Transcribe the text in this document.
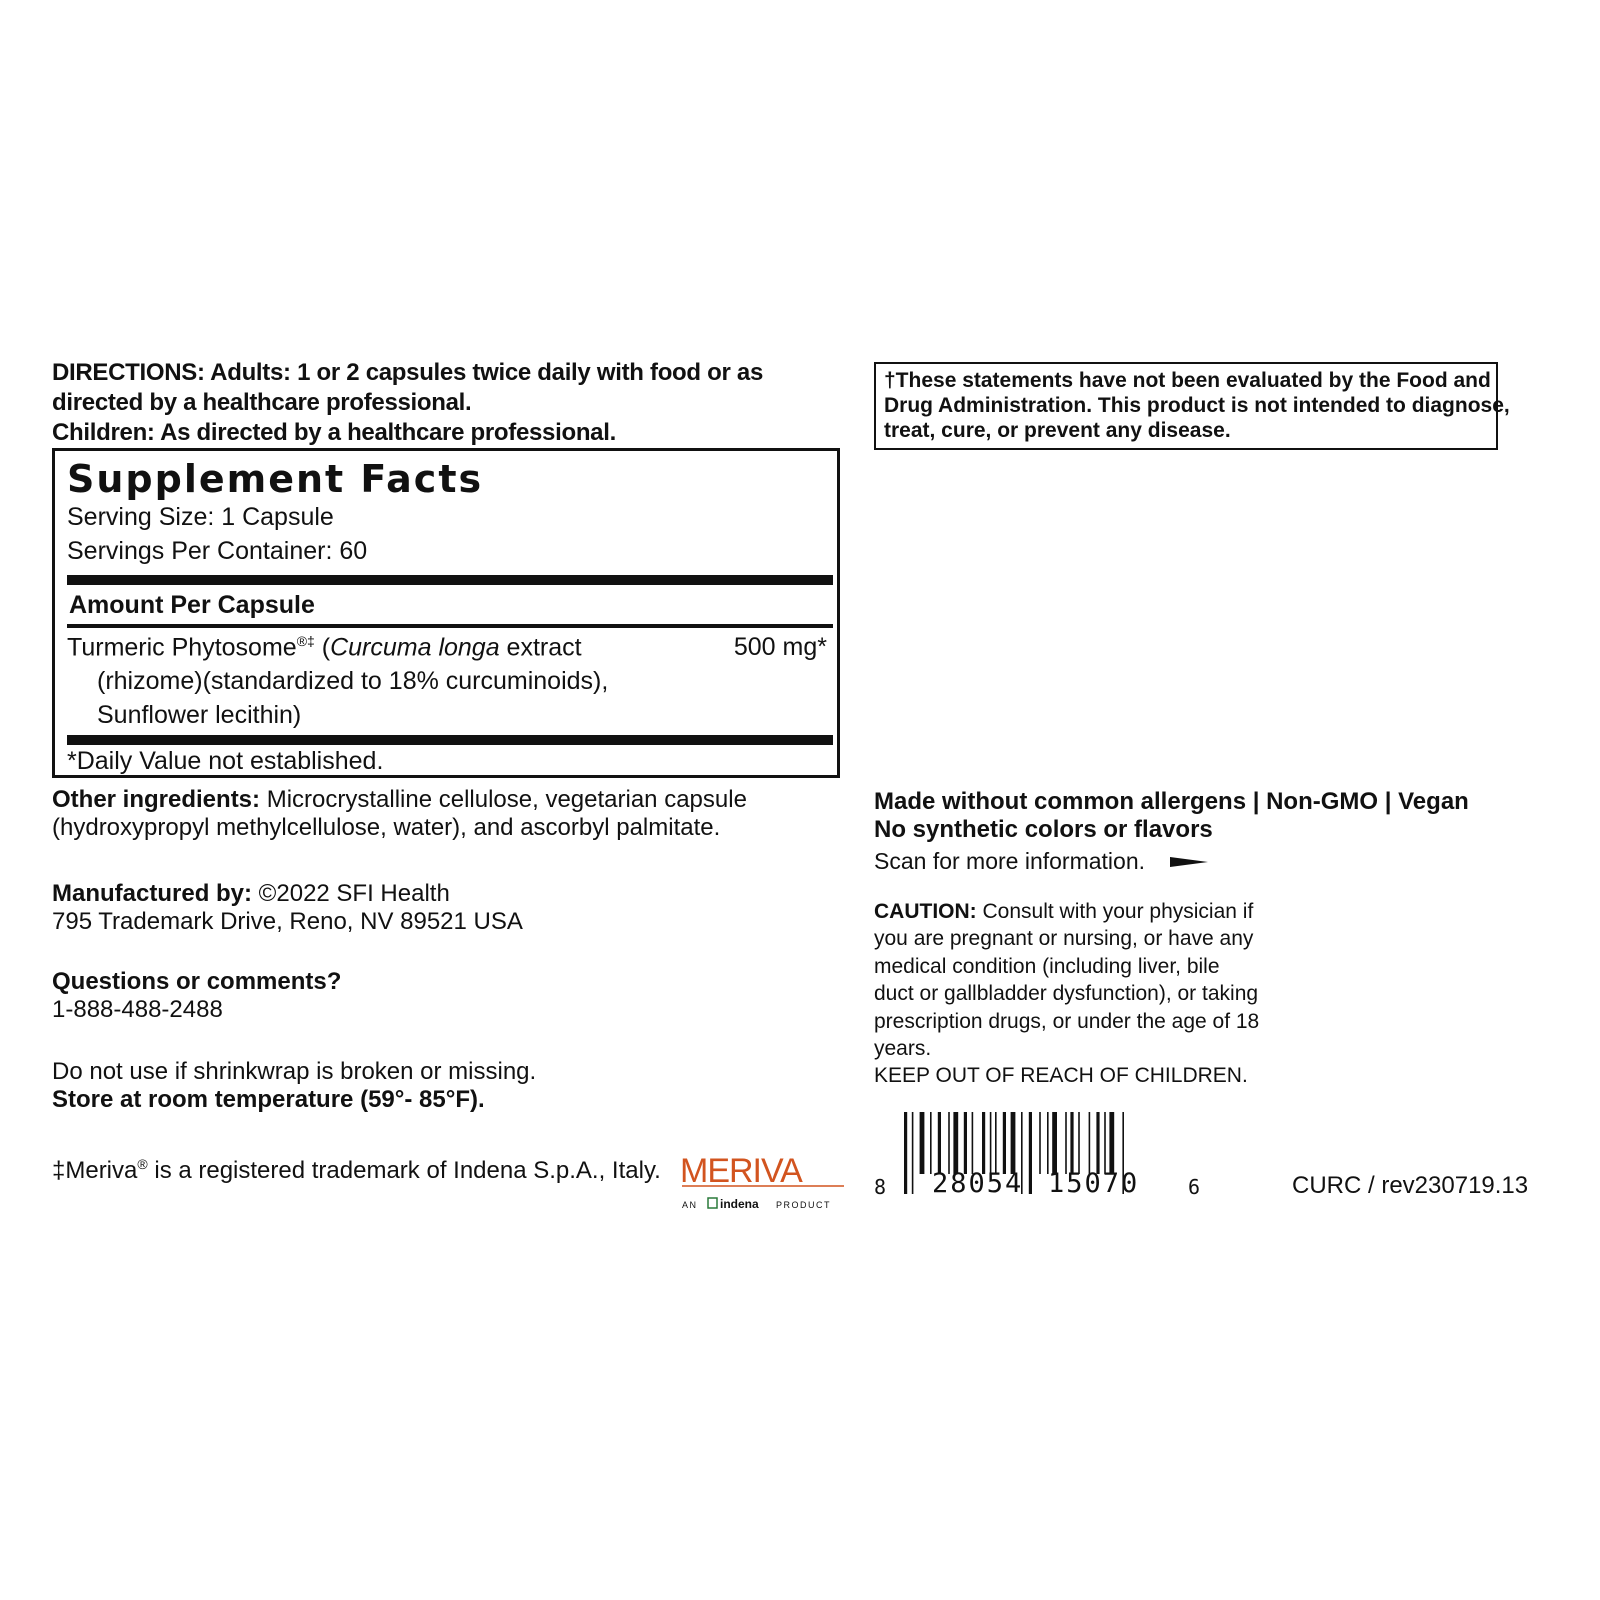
DIRECTIONS: Adults: 1 or 2 capsules twice daily with food or as
directed by a healthcare professional.
Children: As directed by a healthcare professional.
Supplement Facts
Serving Size: 1 Capsule
Servings Per Container: 60
Amount Per Capsule
Turmeric Phytosome®‡ (Curcuma longa extract	500 mg*
(rhizome)(standardized to 18% curcuminoids),
Sunflower lecithin)
*Daily Value not established.
Other ingredients: Microcrystalline cellulose, vegetarian capsule
(hydroxypropyl methylcellulose, water), and ascorbyl palmitate.
Manufactured by: ©2022 SFI Health
795 Trademark Drive, Reno, NV 89521 USA
Questions or comments?
1-888-488-2488
Do not use if shrinkwrap is broken or missing.
Store at room temperature (59°- 85°F).
‡Meriva® is a registered trademark of Indena S.p.A., Italy. MERIVA
AN indena PRODUCT
†These statements have not been evaluated by the Food and
Drug Administration. This product is not intended to diagnose,
treat, cure, or prevent any disease.
Made without common allergens | Non-GMO | Vegan
No synthetic colors or flavors
Scan for more information.
CAUTION: Consult with your physician if
you are pregnant or nursing, or have any
medical condition (including liver, bile
duct or gallbladder dysfunction), or taking
prescription drugs, or under the age of 18
years.
KEEP OUT OF REACH OF CHILDREN.
8 28054 15070 6	CURC / rev230719.13
